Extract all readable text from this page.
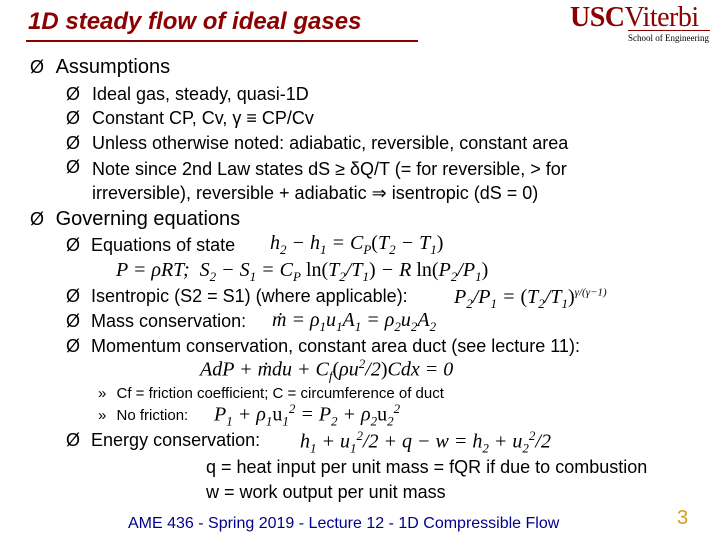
1D steady flow of ideal gases	USCViterbi
School of Engineering
Ø Assumptions
Ø Ideal gas, steady, quasi-1D
Ø Constant CP, Cv, γ ≡ CP/Cv
Ø Unless otherwise noted: adiabatic, reversible, constant area
Ø Note since 2nd Law states dS ≥ δQ/T (= for reversible, > for irreversible), reversible + adiabatic ⇒ isentropic (dS = 0)
Ø Governing equations
Ø Equations of state $h_2 - h_1 = C_P(T_2 - T_1)$
P = ρRT;  $S_2 - S_1 = C_P$ $\ln(T_2/T_1) - R$ $\ln(P_2/P_1)$
Ø Isentropic (S2 = S1) (where applicable): $P_2/P_1 = (T_2/T_1)^{\gamma/(\gamma-1)}$
Ø Mass conservation: ṁ = $\rho_1u_1A_1 = \rho_2u_2A_2$
Ø Momentum conservation, constant area duct (see lecture 11):
AdP + ṁdu + $C_f(\rho u^2/2)Cdx = 0$
» Cf = friction coefficient; C = circumference of duct
» No friction: $P_1 + \rho_1u_1^2 = P_2 + \rho_2u_2^2$
Ø Energy conservation: $h_1 + u_1^2/2 + q - w = h_2 + u_2^2/2$
q = heat input per unit mass = fQR if due to combustion
w = work output per unit mass
AME 436 - Spring 2019 - Lecture 12 - 1D Compressible Flow	3
